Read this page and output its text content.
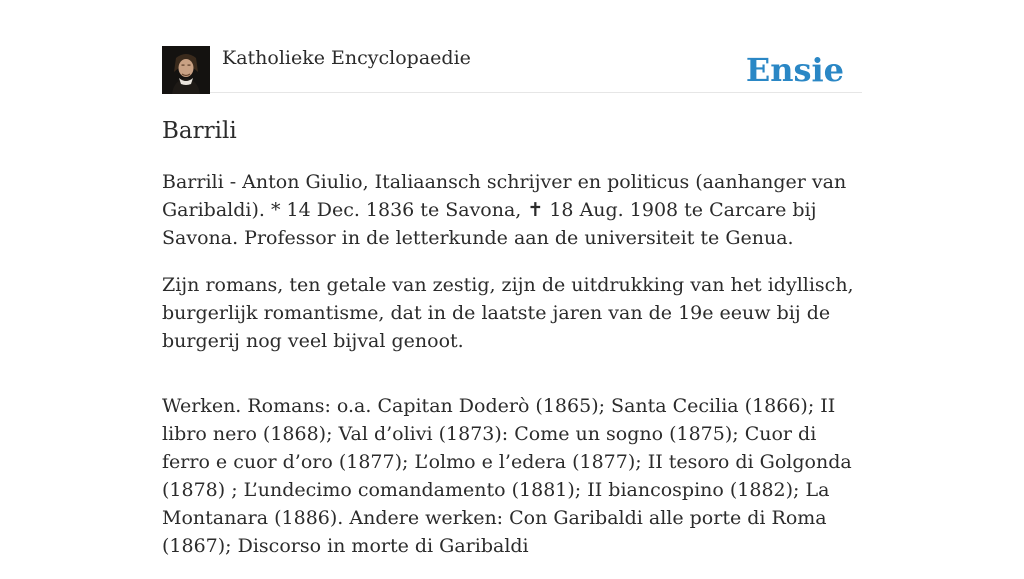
Katholieke Encyclopaedie	Ensie
Barrili

Barrili - Anton Giulio, Italiaansch schrijver en politicus (aanhanger van Garibaldi). * 14 Dec. 1836 te Savona, ✝ 18 Aug. 1908 te Carcare bij Savona. Professor in de letterkunde aan de universiteit te Genua.

Zijn romans, ten getale van zestig, zijn de uitdrukking van het idyllisch, burgerlijk romantisme, dat in de laatste jaren van de 19e eeuw bij de burgerij nog veel bijval genoot.

Werken. Romans: o.a. Capitan Doderò (1865); Santa Cecilia (1866); II libro nero (1868); Val d’olivi (1873): Come un sogno (1875); Cuor di ferro e cuor d’oro (1877); L’olmo e l’edera (1877); II tesoro di Golgonda (1878) ; L’undecimo comandamento (1881); II biancospino (1882); La Montanara (1886). Andere werken: Con Garibaldi alle porte di Roma (1867); Discorso in morte di Garibaldi
